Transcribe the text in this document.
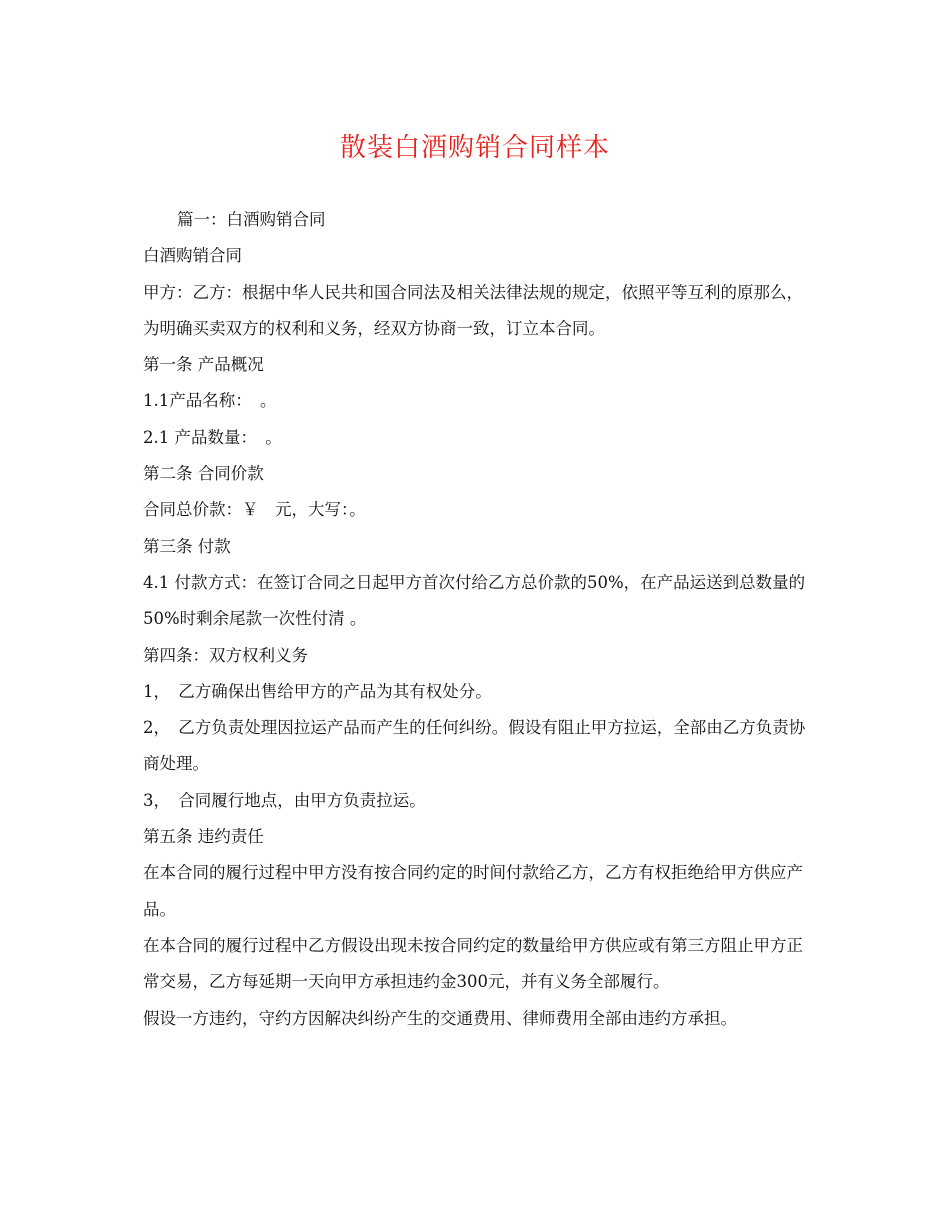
散装白酒购销合同样本

篇一：白酒购销合同

白酒购销合同

甲方：乙方：根据中华人民共和国合同法及相关法律法规的规定，依照平等互利的原那么，为明确买卖双方的权利和义务，经双方协商一致，订立本合同。

第一条 产品概况

1.1产品名称：　。

2.1 产品数量：　。

第二条 合同价款

合同总价款：￥　元，大写：。

第三条 付款

4.1 付款方式：在签订合同之日起甲方首次付给乙方总价款的50%，在产品运送到总数量的50%时剩余尾款一次性付清 。

第四条：双方权利义务

1，　乙方确保出售给甲方的产品为其有权处分。

2，　乙方负责处理因拉运产品而产生的任何纠纷。假设有阻止甲方拉运，全部由乙方负责协商处理。

3，　合同履行地点，由甲方负责拉运。

第五条 违约责任

在本合同的履行过程中甲方没有按合同约定的时间付款给乙方，乙方有权拒绝给甲方供应产品。

在本合同的履行过程中乙方假设出现未按合同约定的数量给甲方供应或有第三方阻止甲方正常交易，乙方每延期一天向甲方承担违约金300元，并有义务全部履行。

假设一方违约，守约方因解决纠纷产生的交通费用、律师费用全部由违约方承担。
